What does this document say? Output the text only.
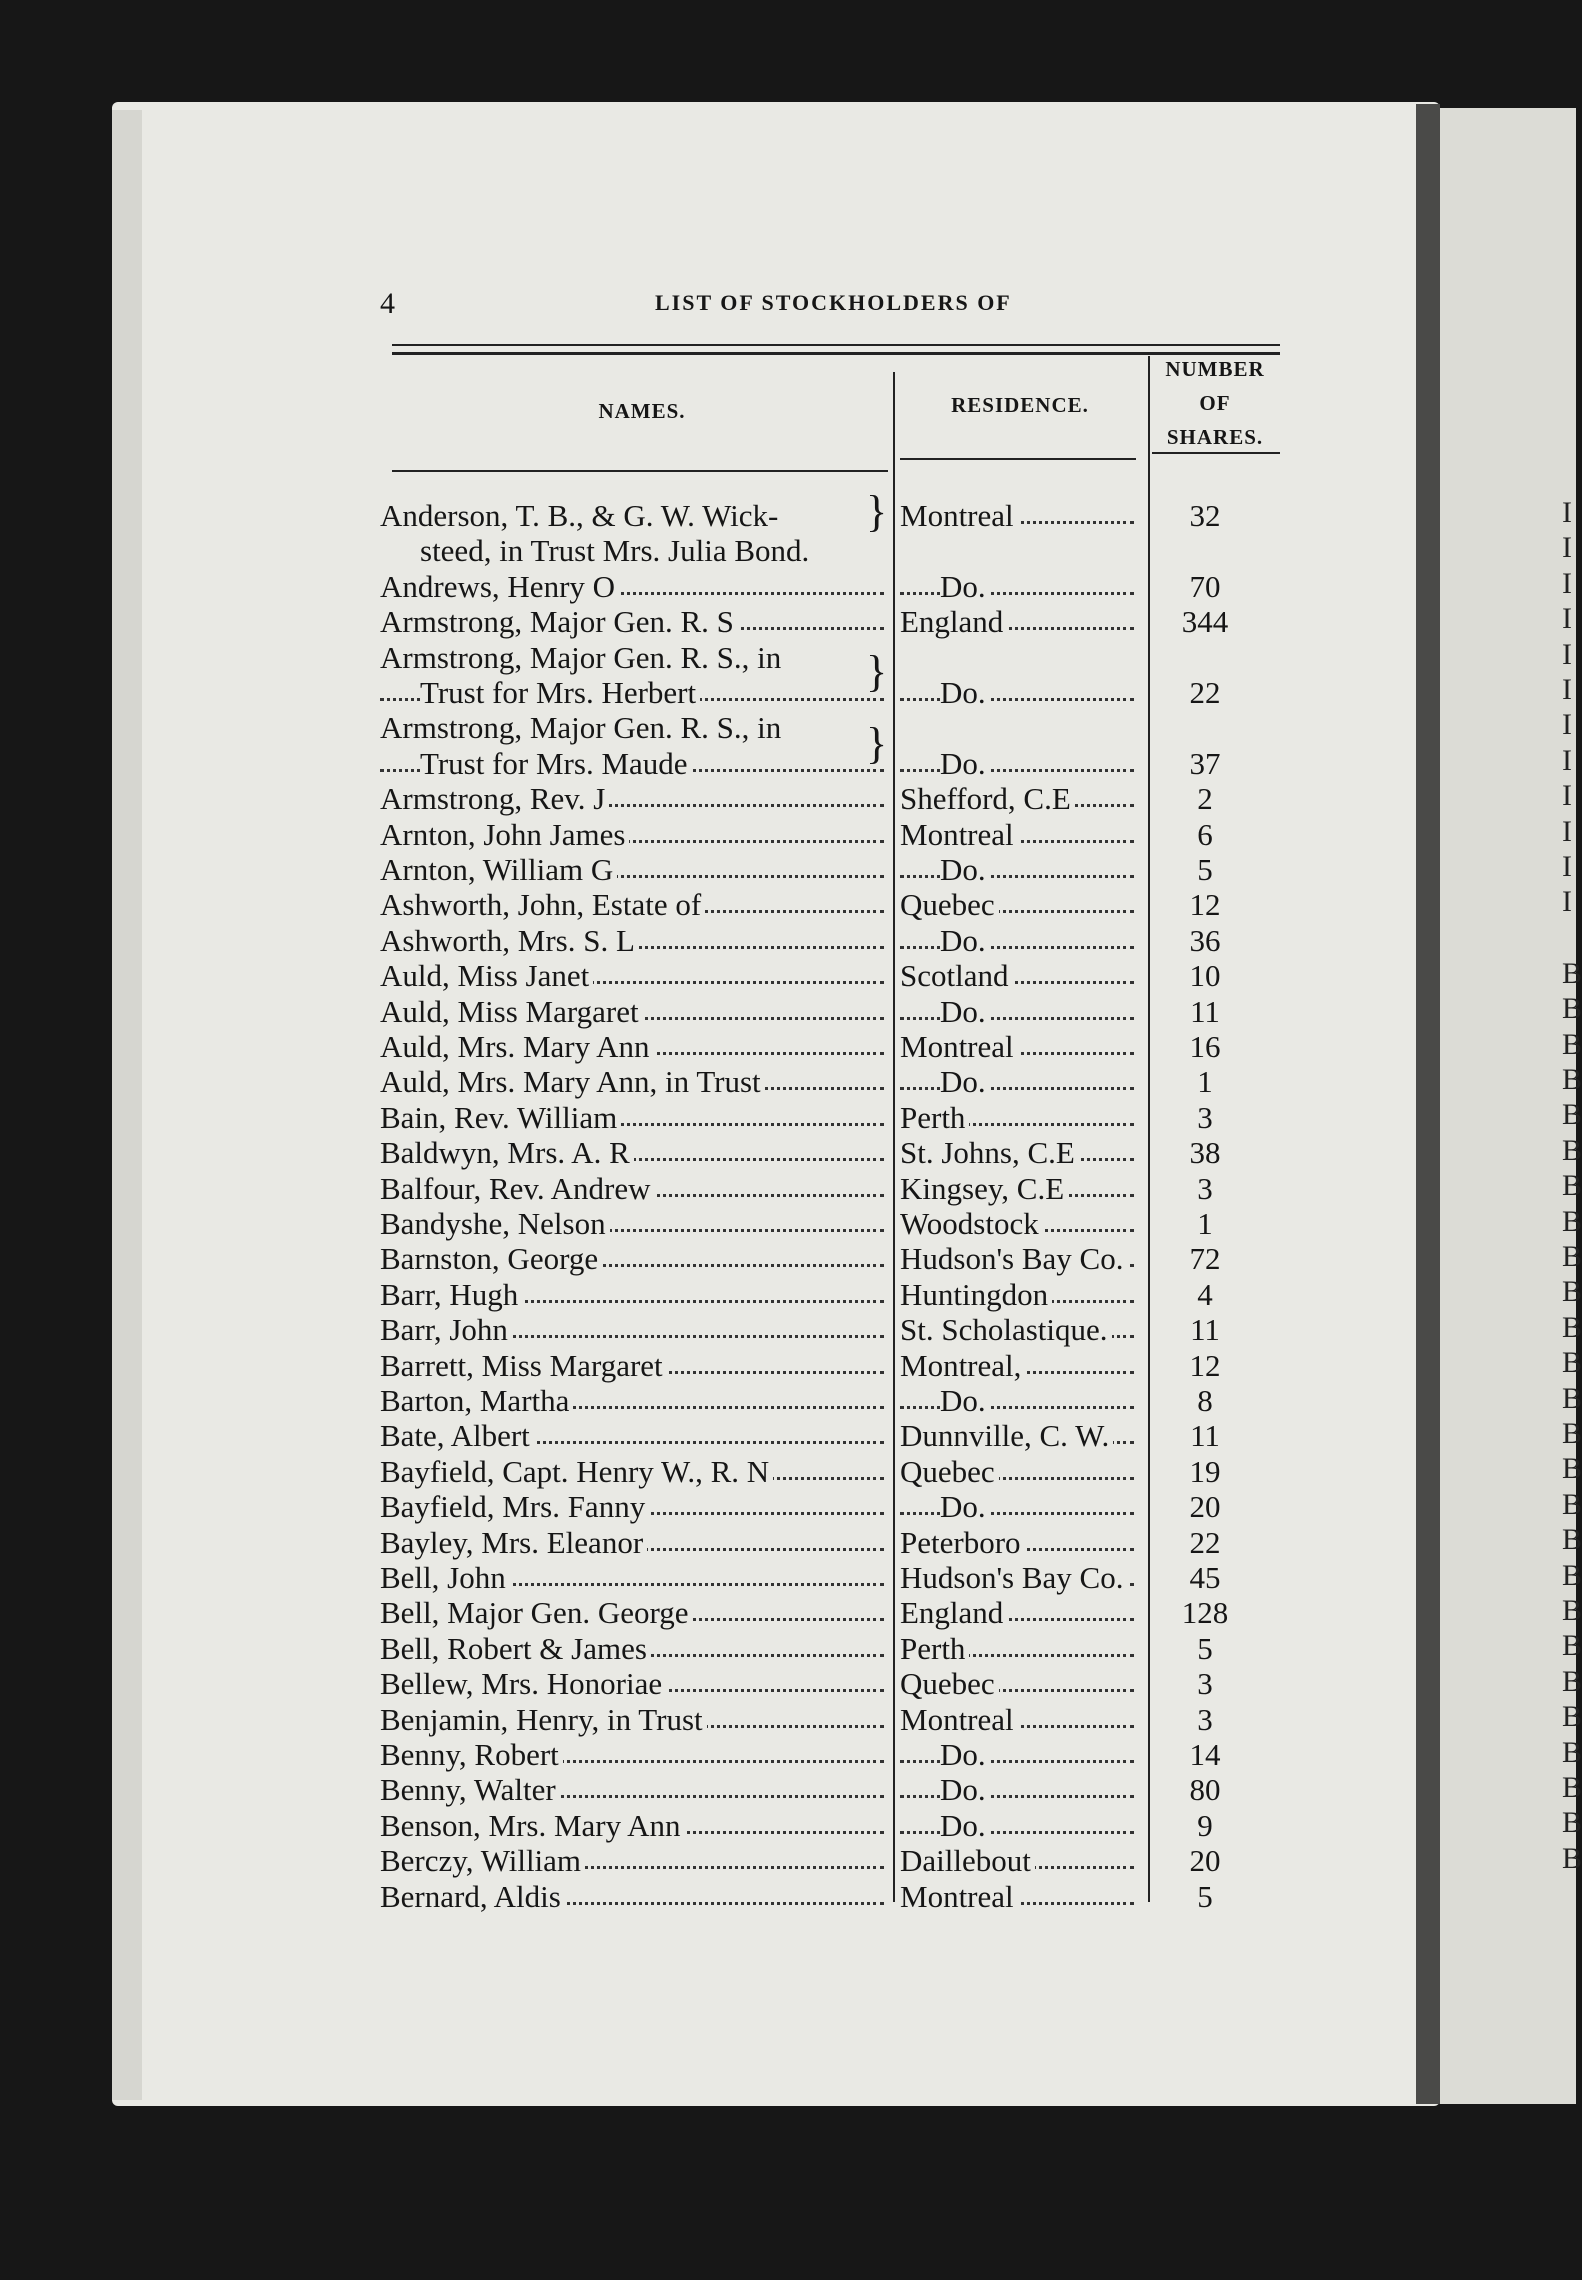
I
I
I
I
I
I
I
I
I
I
I
I
B
B
B
B
B
B
B
B
B
B
B
B
B
B
B
B
B
B
B
B
B
B
B
B
B
B
4	LIST OF STOCKHOLDERS OF
NAMES.	RESIDENCE.
NUMBER
OF
SHARES.
Anderson, T. B., & G. W. Wick-	Montreal	32
steed, in Trust Mrs. Julia Bond.
Andrews, Henry O	Do.	70
Armstrong, Major Gen. R. S	England	344
Armstrong, Major Gen. R. S., in
Trust for Mrs. Herbert	Do.	22
Armstrong, Major Gen. R. S., in
Trust for Mrs. Maude	Do.	37
Armstrong, Rev. J	Shefford, C.E	2
Arnton, John James	Montreal	6
Arnton, William G	Do.	5
Ashworth, John, Estate of	Quebec	12
Ashworth, Mrs. S. L	Do.	36
Auld, Miss Janet	Scotland	10
Auld, Miss Margaret	Do.	11
Auld, Mrs. Mary Ann	Montreal	16
Auld, Mrs. Mary Ann, in Trust	Do.	1
Bain, Rev. William	Perth	3
Baldwyn, Mrs. A. R	St. Johns, C.E	38
Balfour, Rev. Andrew	Kingsey, C.E	3
Bandyshe, Nelson	Woodstock	1
Barnston, George	Hudson's Bay Co.	72
Barr, Hugh	Huntingdon	4
Barr, John	St. Scholastique.	11
Barrett, Miss Margaret	Montreal,	12
Barton, Martha	Do.	8
Bate, Albert	Dunnville, C. W.	11
Bayfield, Capt. Henry W., R. N	Quebec	19
Bayfield, Mrs. Fanny	Do.	20
Bayley, Mrs. Eleanor	Peterboro	22
Bell, John	Hudson's Bay Co.	45
Bell, Major Gen. George	England	128
Bell, Robert & James	Perth	5
Bellew, Mrs. Honoriae	Quebec	3
Benjamin, Henry, in Trust	Montreal	3
Benny, Robert	Do.	14
Benny, Walter	Do.	80
Benson, Mrs. Mary Ann	Do.	9
Berczy, William	Daillebout	20
Bernard, Aldis	Montreal	5
}
}
}
